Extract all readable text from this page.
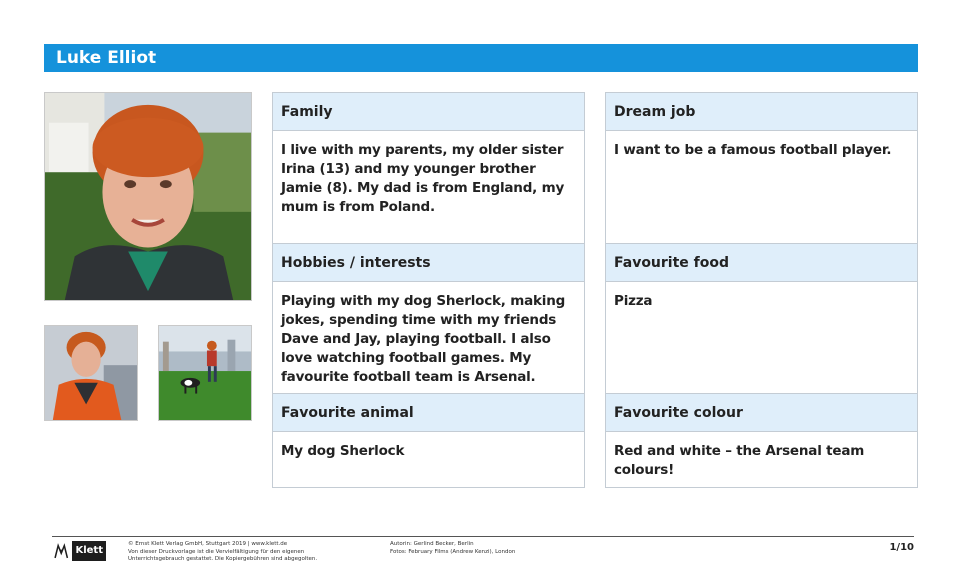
Luke Elliot
Family
I live with my parents, my older sister Irina (13) and my younger brother Jamie (8). My dad is from England, my mum is from Poland.
Hobbies / interests
Playing with my dog Sherlock, making jokes, spending time with my friends Dave and Jay, playing football. I also love watching football games. My favourite football team is Arsenal.
Favourite animal
My dog Sherlock
Dream job
I want to be a famous football player.
Favourite food
Pizza
Favourite colour
Red and white – the Arsenal team colours!
Klett
© Ernst Klett Verlag GmbH, Stuttgart 2019 | www.klett.de
Von dieser Druckvorlage ist die Vervielfältigung für den eigenen
Unterrichtsgebrauch gestattet. Die Kopiergebühren sind abgegolten.
Autorin: Gerlind Becker, Berlin
Fotos: February Films (Andrew Kenzi), London	1/10
